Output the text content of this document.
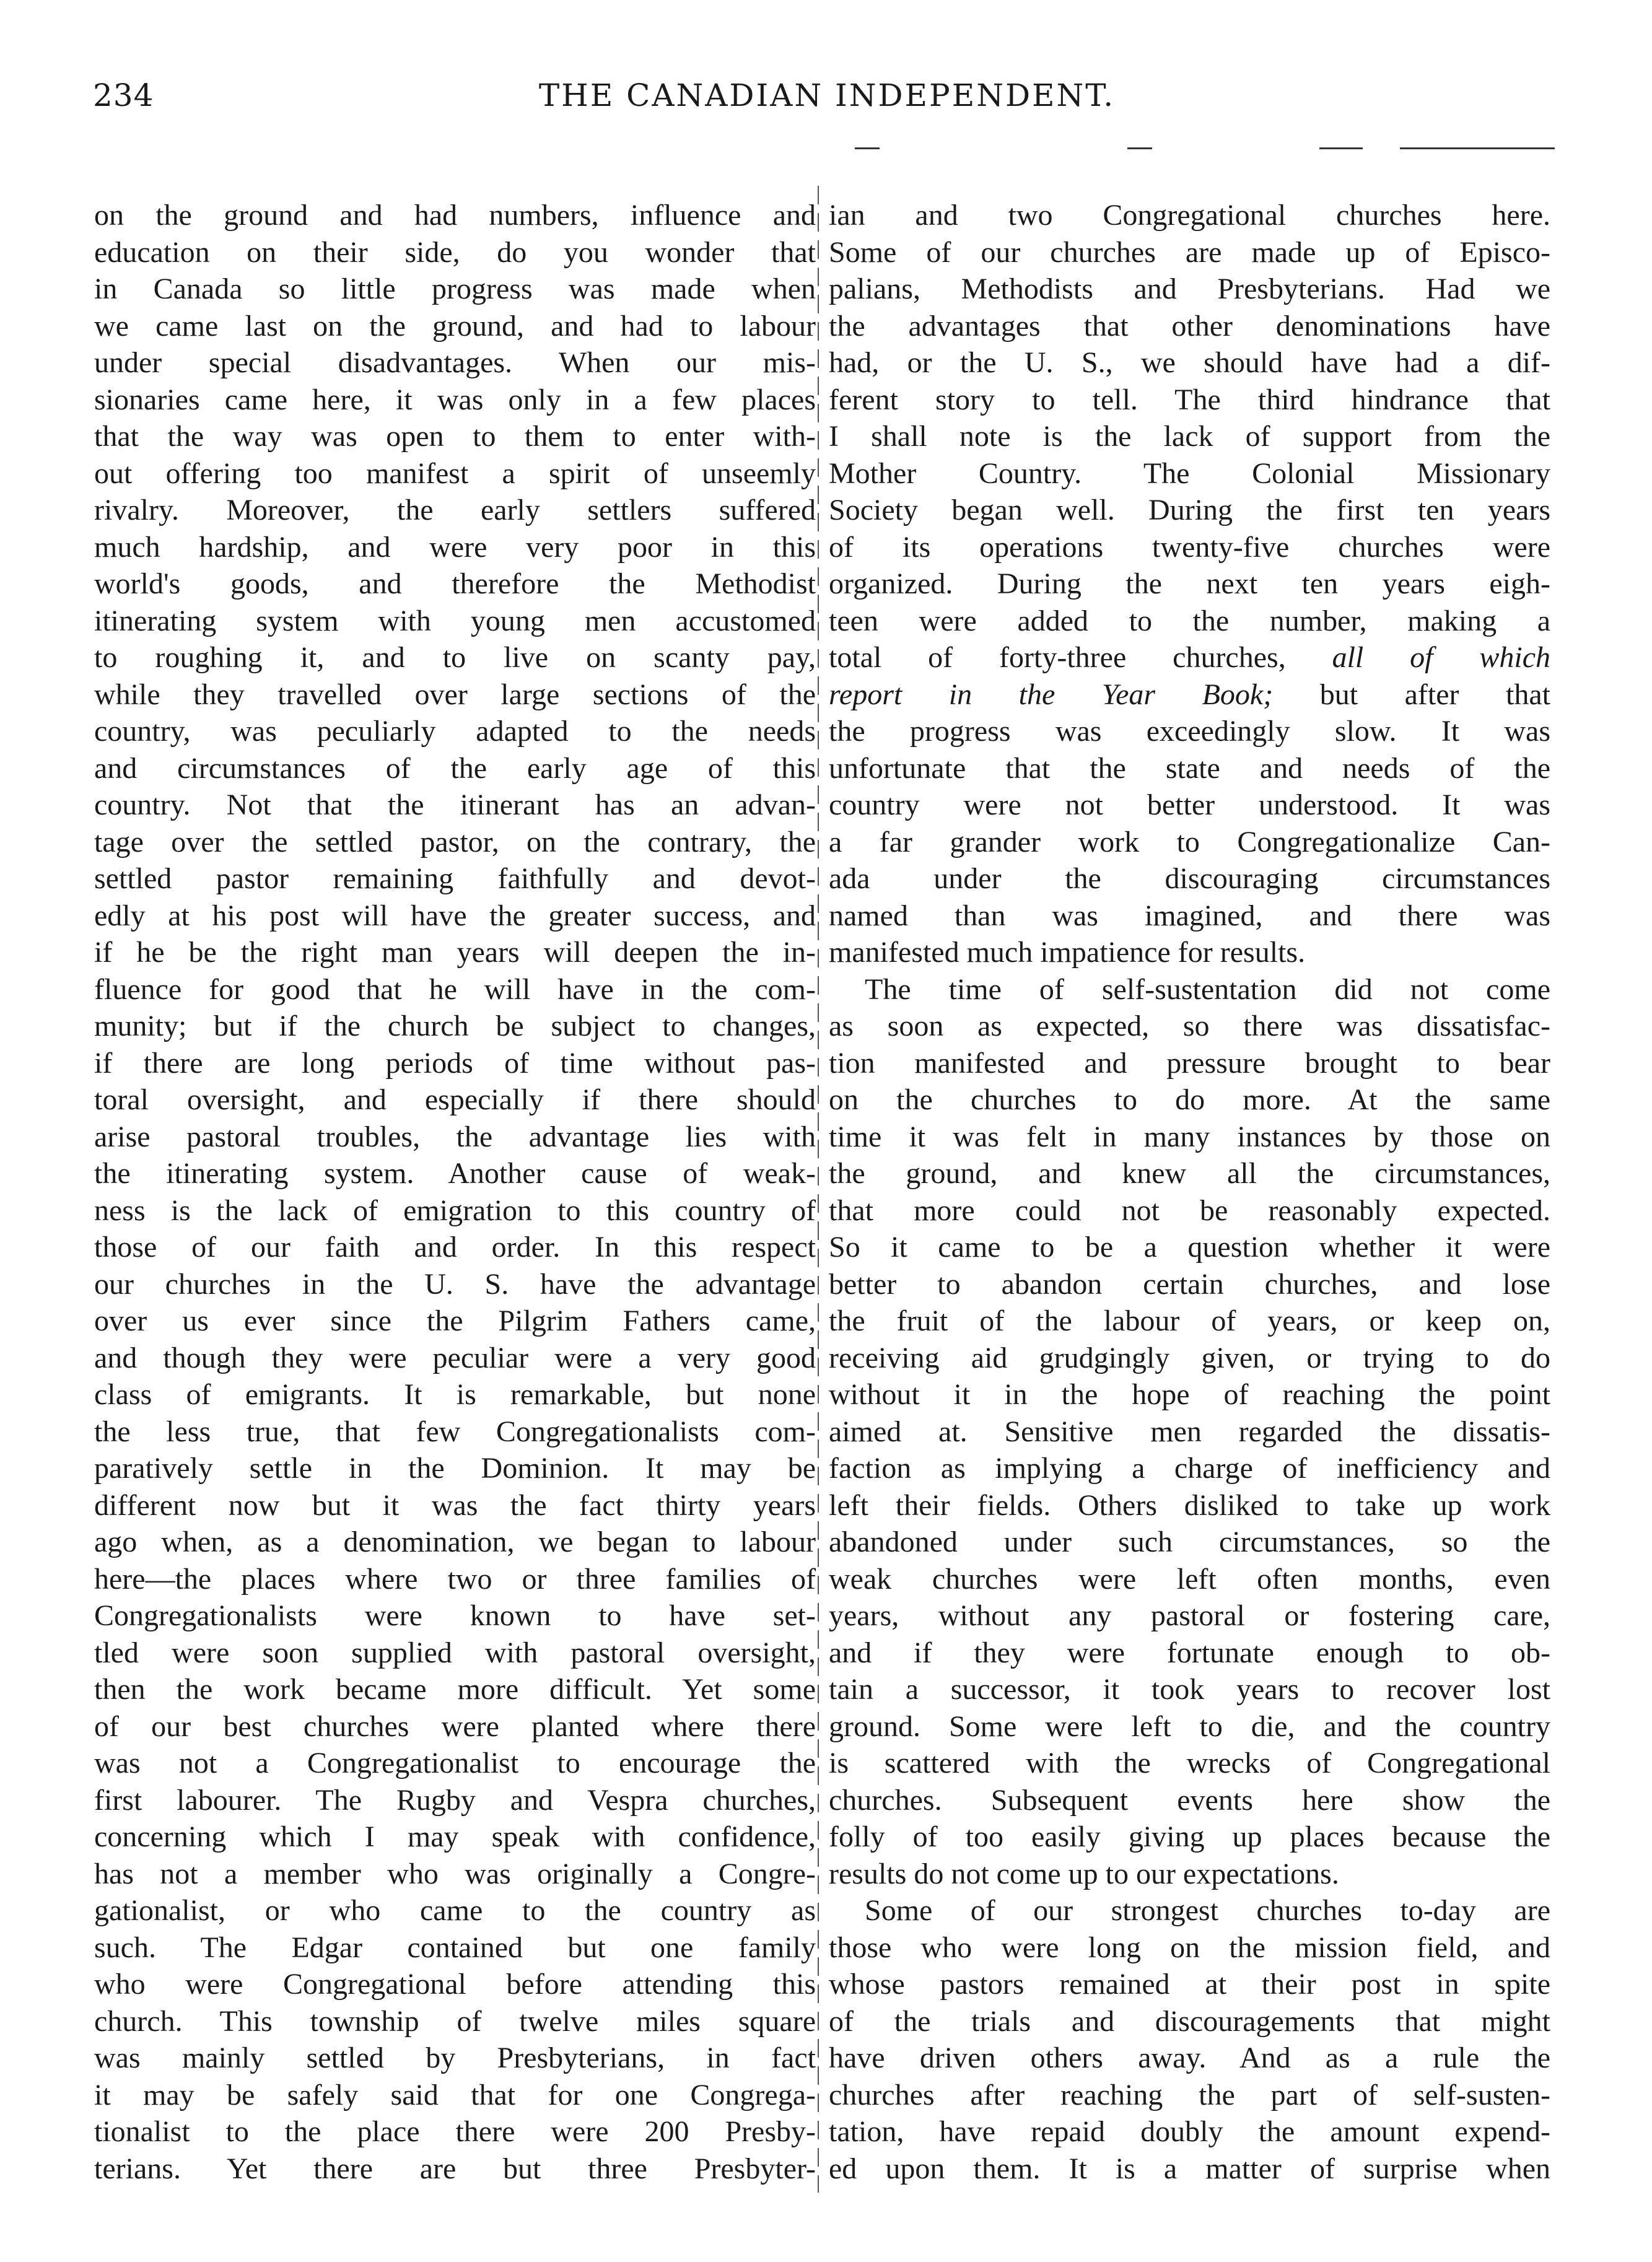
234	THE CANADIAN INDEPENDENT.
on the ground and had numbers, influence and
education on their side, do you wonder that
in Canada so little progress was made when
we came last on the ground, and had to labour
under special disadvantages. When our mis-
sionaries came here, it was only in a few places
that the way was open to them to enter with-
out offering too manifest a spirit of unseemly
rivalry. Moreover, the early settlers suffered
much hardship, and were very poor in this
world's goods, and therefore the Methodist
itinerating system with young men accustomed
to roughing it, and to live on scanty pay,
while they travelled over large sections of the
country, was peculiarly adapted to the needs
and circumstances of the early age of this
country. Not that the itinerant has an advan-
tage over the settled pastor, on the contrary, the
settled pastor remaining faithfully and devot-
edly at his post will have the greater success, and
if he be the right man years will deepen the in-
fluence for good that he will have in the com-
munity; but if the church be subject to changes,
if there are long periods of time without pas-
toral oversight, and especially if there should
arise pastoral troubles, the advantage lies with
the itinerating system. Another cause of weak-
ness is the lack of emigration to this country of
those of our faith and order. In this respect
our churches in the U. S. have the advantage
over us ever since the Pilgrim Fathers came,
and though they were peculiar were a very good
class of emigrants. It is remarkable, but none
the less true, that few Congregationalists com-
paratively settle in the Dominion. It may be
different now but it was the fact thirty years
ago when, as a denomination, we began to labour
here—the places where two or three families of
Congregationalists were known to have set-
tled were soon supplied with pastoral oversight,
then the work became more difficult. Yet some
of our best churches were planted where there
was not a Congregationalist to encourage the
first labourer. The Rugby and Vespra churches,
concerning which I may speak with confidence,
has not a member who was originally a Congre-
gationalist, or who came to the country as
such. The Edgar contained but one family
who were Congregational before attending this
church. This township of twelve miles square
was mainly settled by Presbyterians, in fact
it may be safely said that for one Congrega-
tionalist to the place there were 200 Presby-
terians. Yet there are but three Presbyter-
ian and two Congregational churches here.
Some of our churches are made up of Episco-
palians, Methodists and Presbyterians. Had we
the advantages that other denominations have
had, or the U. S., we should have had a dif-
ferent story to tell. The third hindrance that
I shall note is the lack of support from the
Mother Country. The Colonial Missionary
Society began well. During the first ten years
of its operations twenty-five churches were
organized. During the next ten years eigh-
teen were added to the number, making a
total of forty-three churches, all of which
report in the Year Book; but after that
the progress was exceedingly slow. It was
unfortunate that the state and needs of the
country were not better understood. It was
a far grander work to Congregationalize Can-
ada under the discouraging circumstances
named than was imagined, and there was
manifested much impatience for results.
The time of self-sustentation did not come
as soon as expected, so there was dissatisfac-
tion manifested and pressure brought to bear
on the churches to do more. At the same
time it was felt in many instances by those on
the ground, and knew all the circumstances,
that more could not be reasonably expected.
So it came to be a question whether it were
better to abandon certain churches, and lose
the fruit of the labour of years, or keep on,
receiving aid grudgingly given, or trying to do
without it in the hope of reaching the point
aimed at. Sensitive men regarded the dissatis-
faction as implying a charge of inefficiency and
left their fields. Others disliked to take up work
abandoned under such circumstances, so the
weak churches were left often months, even
years, without any pastoral or fostering care,
and if they were fortunate enough to ob-
tain a successor, it took years to recover lost
ground. Some were left to die, and the country
is scattered with the wrecks of Congregational
churches. Subsequent events here show the
folly of too easily giving up places because the
results do not come up to our expectations.
Some of our strongest churches to-day are
those who were long on the mission field, and
whose pastors remained at their post in spite
of the trials and discouragements that might
have driven others away. And as a rule the
churches after reaching the part of self-susten-
tation, have repaid doubly the amount expend-
ed upon them. It is a matter of surprise when
